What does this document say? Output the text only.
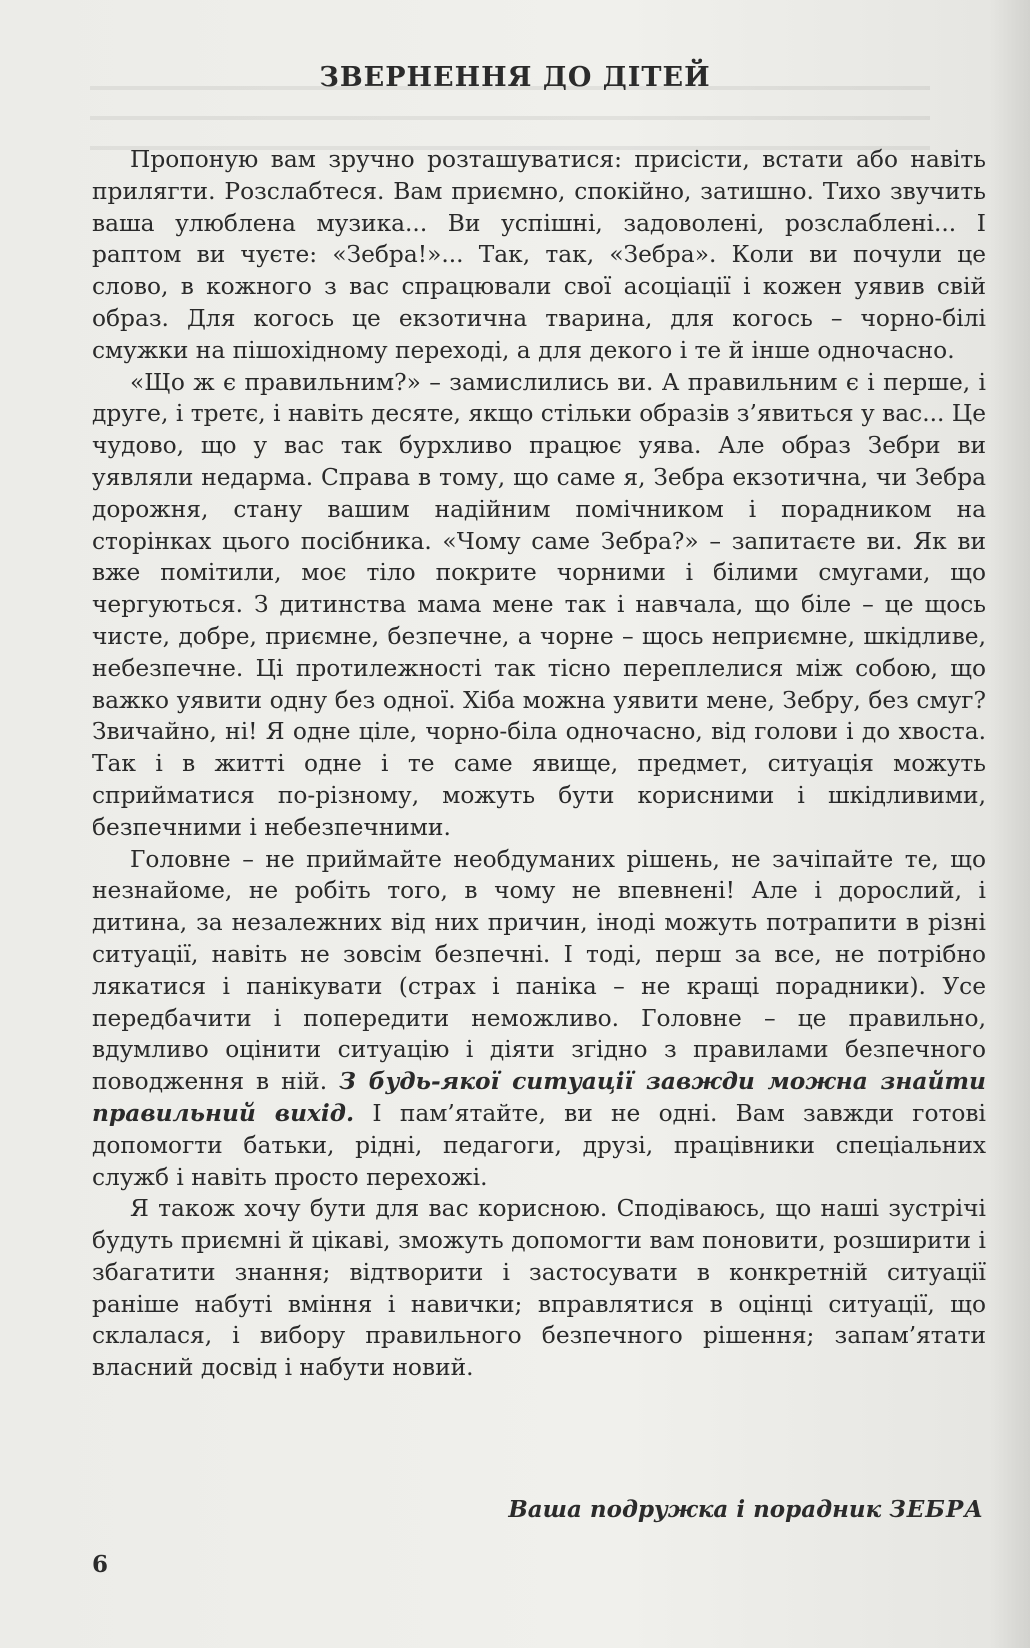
ЗВЕРНЕННЯ ДО ДІТЕЙ

Пропоную вам зручно розташуватися: присісти, встати або навіть прилягти. Розслабтеся. Вам приємно, спокійно, затишно. Тихо звучить ваша улюблена музика... Ви успішні, задоволені, розслаблені... І раптом ви чуєте: «Зебра!»... Так, так, «Зебра». Коли ви почули це слово, в кожного з вас спрацювали свої асоціації і кожен уявив свій образ. Для когось це екзотична тварина, для когось – чорно-білі смужки на пішохідному переході, а для декого і те й інше одночасно.

«Що ж є правильним?» – замислились ви. А правильним є і перше, і друге, і третє, і навіть десяте, якщо стільки образів з’явиться у вас... Це чудово, що у вас так бурхливо працює уява. Але образ Зебри ви уявляли недарма. Справа в тому, що саме я, Зебра екзотична, чи Зебра дорожня, стану вашим надійним помічником і порадником на сторінках цього посібника. «Чому саме Зебра?» – запитаєте ви. Як ви вже помітили, моє тіло покрите чорними і білими смугами, що чергуються. З дитинства мама мене так і навчала, що біле – це щось чисте, добре, приємне, безпечне, а чорне – щось неприємне, шкідливе, небезпечне. Ці протилежності так тісно переплелися між собою, що важко уявити одну без одної. Хіба можна уявити мене, Зебру, без смуг? Звичайно, ні! Я одне ціле, чорно-біла одночасно, від голови і до хвоста. Так і в житті одне і те саме явище, предмет, ситуація можуть сприйматися по-різному, можуть бути корисними і шкідливими, безпечними і небезпечними.

Головне – не приймайте необдуманих рішень, не зачіпайте те, що незнайоме, не робіть того, в чому не впевнені! Але і дорослий, і дитина, за незалежних від них причин, іноді можуть потрапити в різні ситуації, навіть не зовсім безпечні. І тоді, перш за все, не потрібно лякатися і панікувати (страх і паніка – не кращі порадники). Усе передбачити і попередити неможливо. Головне – це правильно, вдумливо оцінити ситуацію і діяти згідно з правилами безпечного поводження в ній. З будь-якої ситуації завжди можна знайти правильний вихід. І пам’ятайте, ви не одні. Вам завжди готові допомогти батьки, рідні, педагоги, друзі, працівники спеціальних служб і навіть просто перехожі.

Я також хочу бути для вас корисною. Сподіваюсь, що наші зустрічі будуть приємні й цікаві, зможуть допомогти вам поновити, розширити і збагатити знання; відтворити і застосувати в конкретній ситуації раніше набуті вміння і навички; вправлятися в оцінці ситуації, що склалася, і вибору правильного безпечного рішення; запам’ятати власний досвід і набути новий.

Ваша подружка і порадник ЗЕБРА
6
